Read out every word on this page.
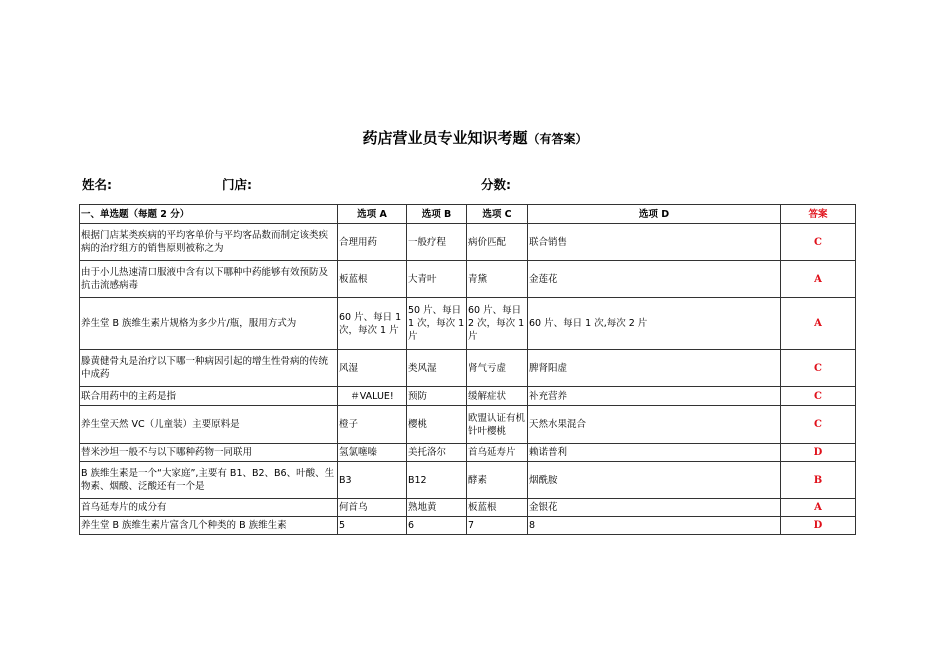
药店营业员专业知识考题（有答案）
姓名:	门店:	分数:
一、单选题（每题 2 分）	选项 A	选项 B	选项 C	选项 D	答案
根据门店某类疾病的平均客单价与平均客品数而制定该类疾病的治疗组方的销售原则被称之为	合理用药	一般疗程	病价匹配	联合销售	C
由于小儿热速清口服液中含有以下哪种中药能够有效预防及抗击流感病毒	板蓝根	大青叶	青黛	金莲花	A
养生堂 B 族维生素片规格为多少片/瓶，服用方式为	60 片、每日 1 次，每次 1 片	50 片、每日 1 次，每次 1 片	60 片、每日 2 次，每次 1 片	60 片、每日 1 次,每次 2 片	A
滕黄健骨丸是治疗以下哪一种病因引起的增生性骨病的传统中成药	风湿	类风湿	肾气亏虚	脾肾阳虚	C
联合用药中的主药是指	＃VALUE!	预防	缓解症状	补充营养	C
养生堂天然 VC（儿童装）主要原料是	橙子	樱桃	欧盟认证有机针叶樱桃	天然水果混合	C
替米沙坦一般不与以下哪种药物一同联用	氢氯噻嗪	美托洛尔	首乌延寿片	赖诺普利	D
B 族维生素是一个“大家庭”,主要有 B1、B2、B6、叶酸、生物素、烟酸、泛酸还有一个是	B3	B12	酵素	烟酰胺	B
首乌延寿片的成分有	何首乌	熟地黄	板蓝根	金银花	A
养生堂 B 族维生素片富含几个种类的 B 族维生素	5	6	7	8	D
